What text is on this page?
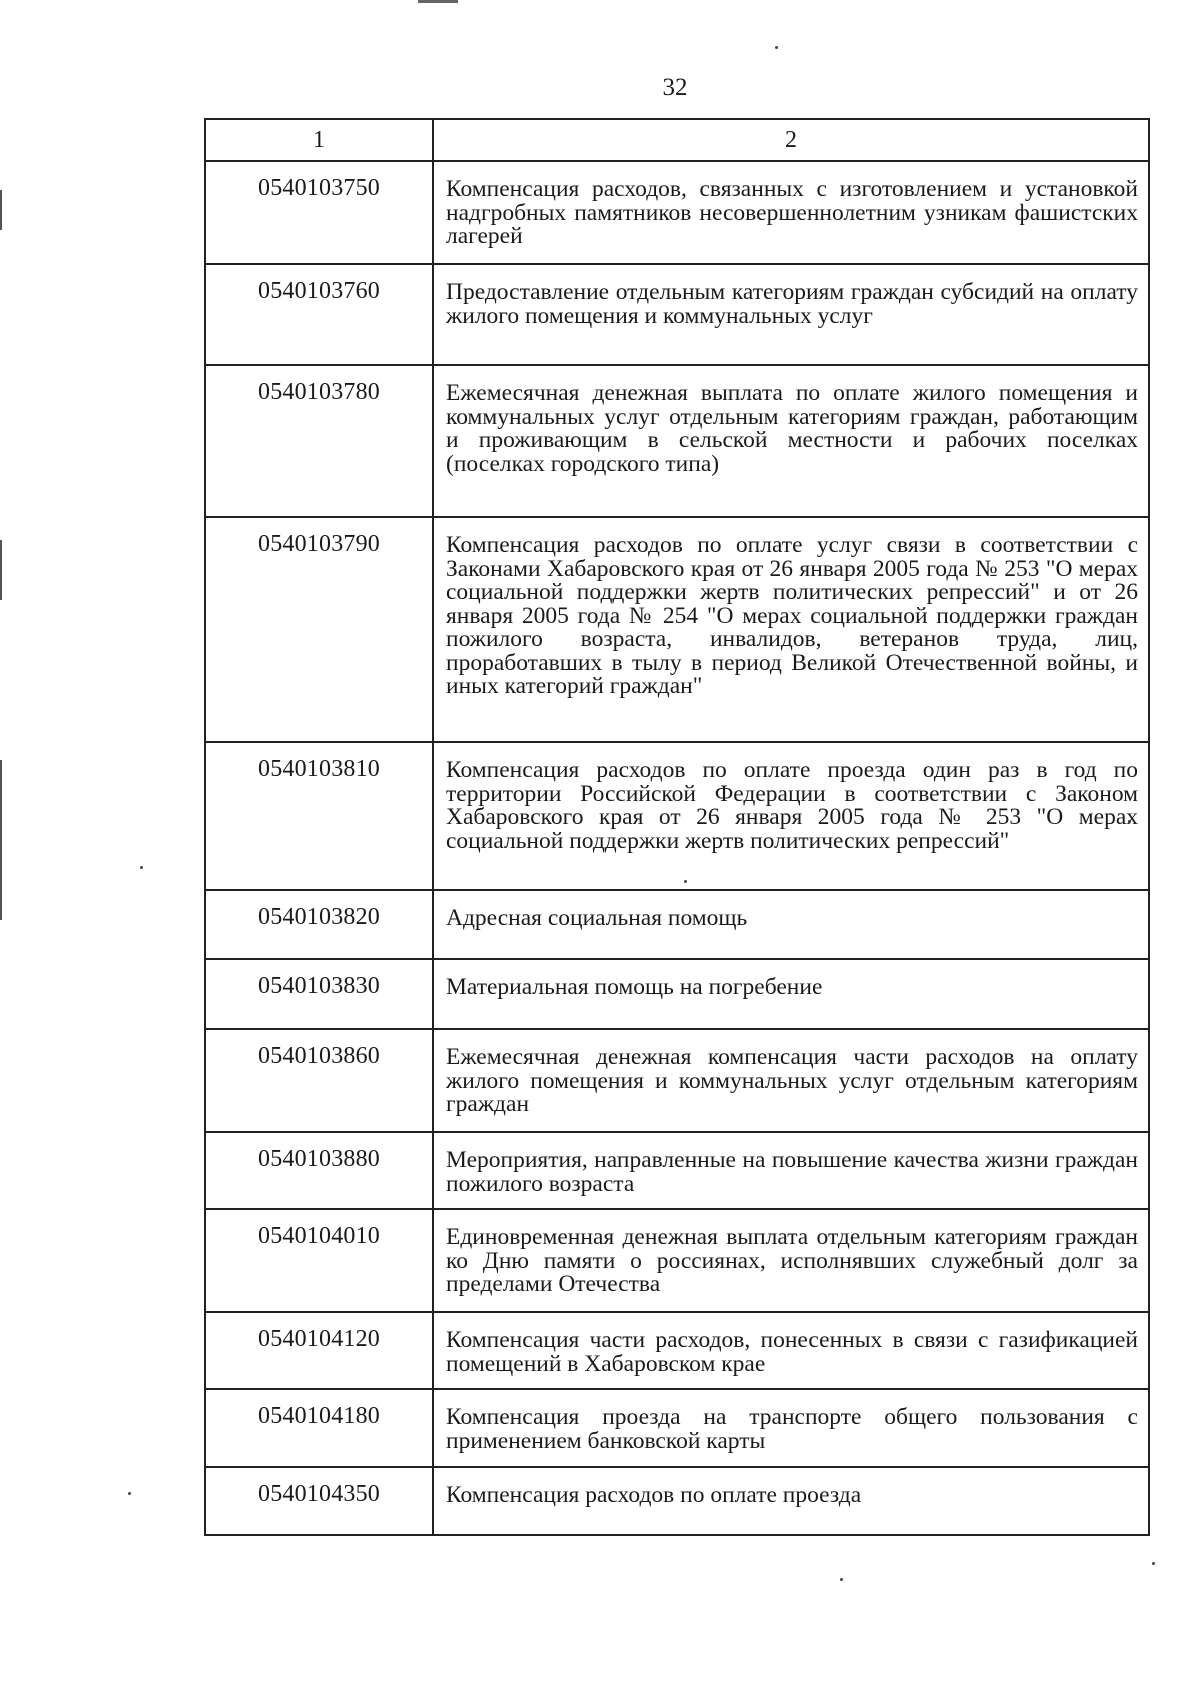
32
1	2
0540103750	Компенсация расходов, связанных с изготовлением и установкой надгробных памятников несовершеннолетним узникам фашистских лагерей
0540103760	Предоставление отдельным категориям граждан субсидий на оплату жилого помещения и коммунальных услуг
0540103780	Ежемесячная денежная выплата по оплате жилого помещения и коммунальных услуг отдельным категориям граждан, работающим и проживающим в сельской местности и рабочих поселках (поселках городского типа)
0540103790	Компенсация расходов по оплате услуг связи в соответствии с Законами Хабаровского края от 26 января 2005 года № 253 "О мерах социальной поддержки жертв политических репрессий" и от 26 января 2005 года № 254 "О мерах социальной поддержки граждан пожилого возраста, инвалидов, ветеранов труда, лиц, проработавших в тылу в период Великой Отечественной войны, и иных категорий граждан"
0540103810	Компенсация расходов по оплате проезда один раз в год по территории Российской Федерации в соответствии с Законом Хабаровского края от 26 января 2005 года № 253 "О мерах социальной поддержки жертв политических репрессий"
0540103820	Адресная социальная помощь
0540103830	Материальная помощь на погребение
0540103860	Ежемесячная денежная компенсация части расходов на оплату жилого помещения и коммунальных услуг отдельным категориям граждан
0540103880	Мероприятия, направленные на повышение качества жизни граждан пожилого возраста
0540104010	Единовременная денежная выплата отдельным категориям граждан ко Дню памяти о россиянах, исполнявших служебный долг за пределами Отечества
0540104120	Компенсация части расходов, понесенных в связи с газификацией помещений в Хабаровском крае
0540104180	Компенсация проезда на транспорте общего пользования с применением банковской карты
0540104350	Компенсация расходов по оплате проезда
